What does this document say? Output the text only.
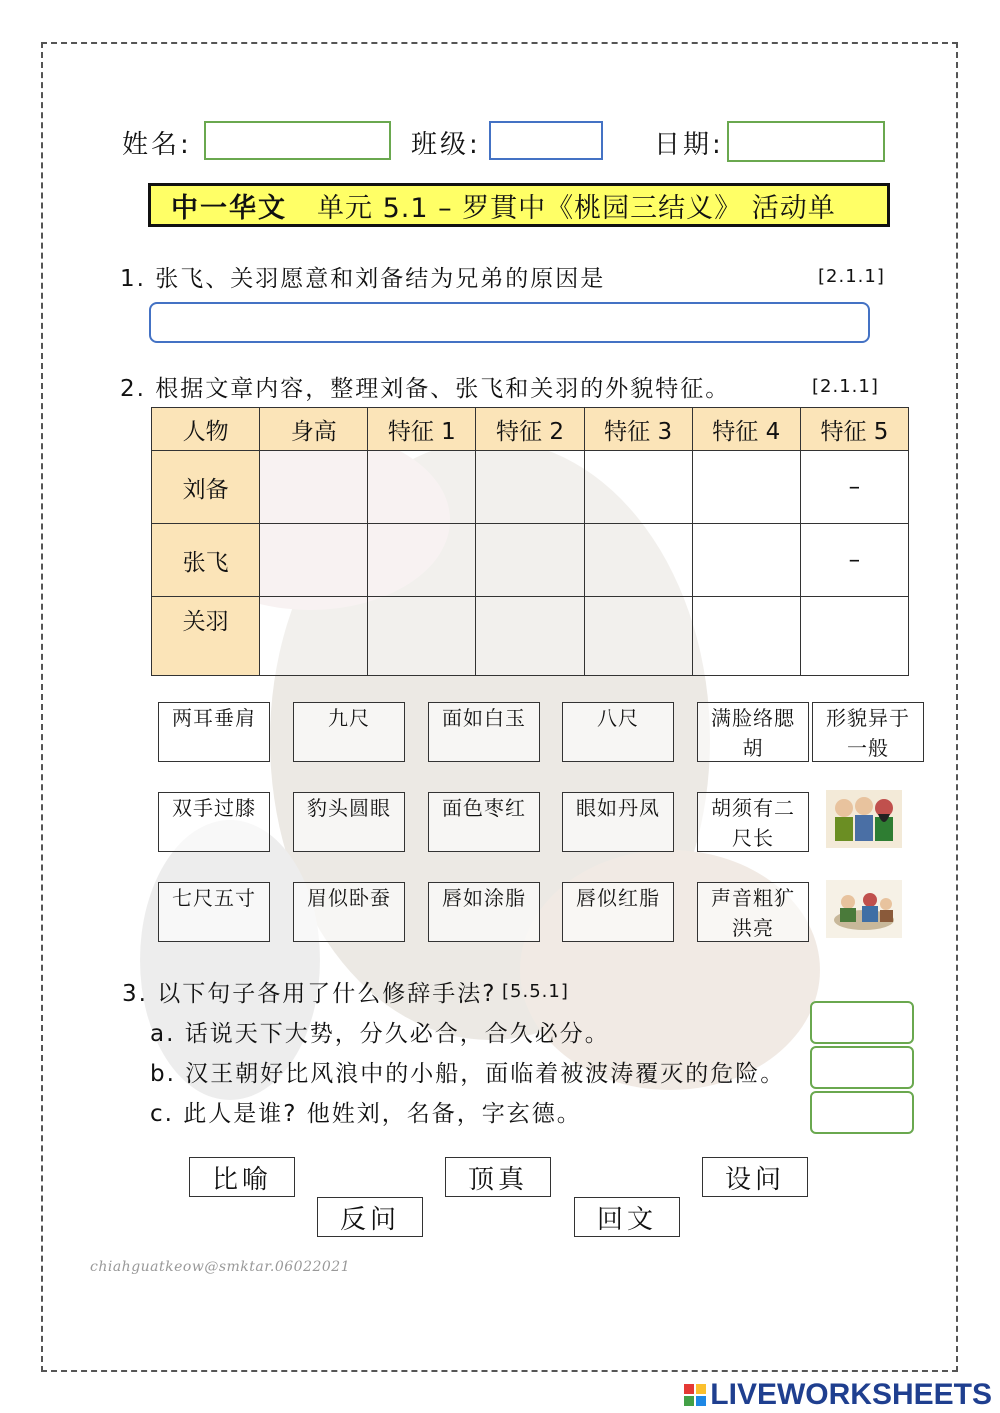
姓名:	班级:	日期:
中一华文 单元 5.1 – 罗貫中《桃园三结义》 活动单
1. 张飞、关羽愿意和刘备结为兄弟的原因是	[2.1.1]
2. 根据文章内容，整理刘备、张飞和关羽的外貌特征。	[2.1.1]
人物	身高	特征 1	特征 2	特征 3	特征 4	特征 5
刘备						–
张飞						–
关羽						
两耳垂肩	九尺	面如白玉	八尺	满脸络腮胡
形貌异于一般
双手过膝	豹头圆眼	面色枣红	眼如丹凤	胡须有二尺长
七尺五寸	眉似卧蚕	唇如涂脂	唇似红脂	声音粗犷洪亮
3. 以下句子各用了什么修辞手法? [5.5.1]
a. 话说天下大势，分久必合，合久必分。
b. 汉王朝好比风浪中的小船，面临着被波涛覆灭的危险。
c. 此人是谁? 他姓刘，名备，字玄德。
比喻	顶真	设问
反问	回文
chiahguatkeow@smktar.06022021
LIVEWORKSHEETS
